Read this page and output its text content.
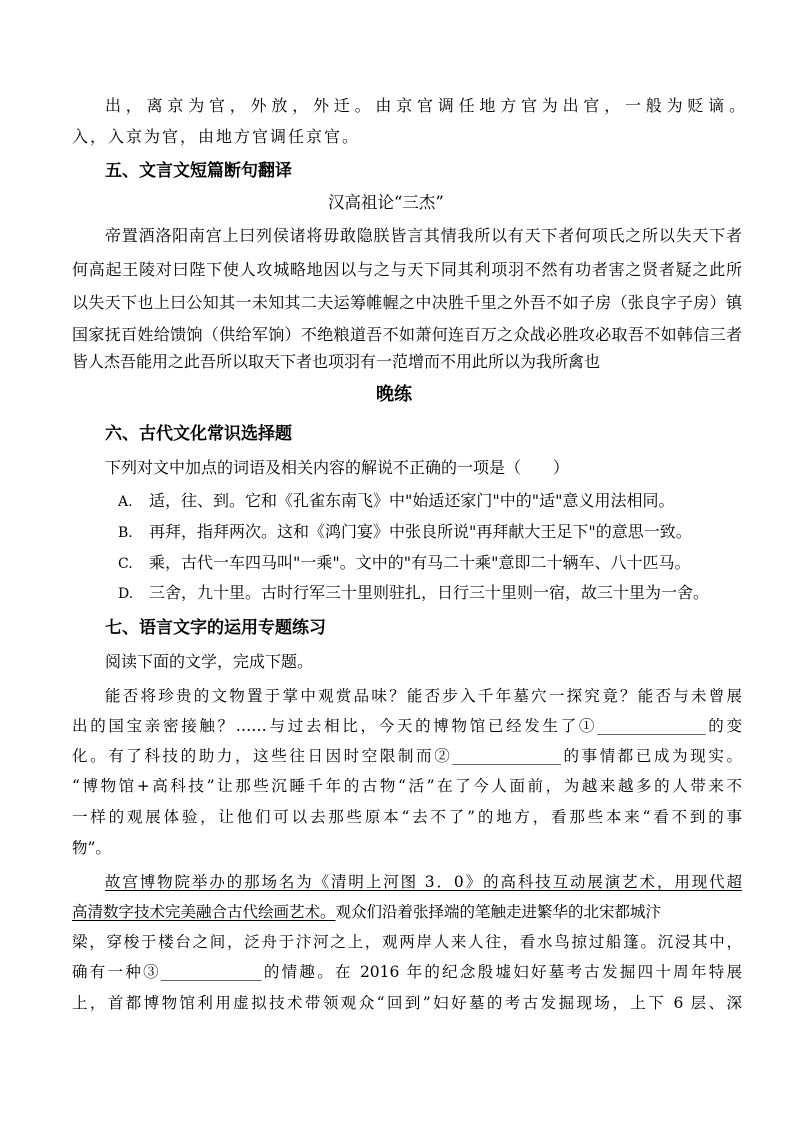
出，离京为官，外放，外迁。由京官调任地方官为出官，一般为贬谪。
入，入京为官，由地方官调任京官。
五、文言文短篇断句翻译
汉高祖论“三杰”
帝置酒洛阳南宫上曰列侯诸将毋敢隐朕皆言其情我所以有天下者何项氏之所以失天下者
何高起王陵对曰陛下使人攻城略地因以与之与天下同其利项羽不然有功者害之贤者疑之此所
以失天下也上曰公知其一未知其二夫运筹帷幄之中决胜千里之外吾不如子房（张良字子房）镇
国家抚百姓给馈饷（供给军饷）不绝粮道吾不如萧何连百万之众战必胜攻必取吾不如韩信三者
皆人杰吾能用之此吾所以取天下者也项羽有一范增而不用此所以为我所禽也
晚练
六、古代文化常识选择题
下列对文中加点的词语及相关内容的解说不正确的一项是（　　）
A. 适，往、到。它和《孔雀东南飞》中"始适还家门"中的"适"意义用法相同。
B. 再拜，指拜两次。这和《鸿门宴》中张良所说"再拜献大王足下"的意思一致。
C. 乘，古代一车四马叫"一乘"。文中的"有马二十乘"意即二十辆车、八十匹马。
D. 三舍，九十里。古时行军三十里则驻扎，日行三十里则一宿，故三十里为一舍。
七、语言文字的运用专题练习
阅读下面的文学，完成下题。
能否将珍贵的文物置于掌中观赏品味？能否步入千年墓穴一探究竟？能否与未曾展
出的国宝亲密接触？……与过去相比，今天的博物馆已经发生了①______________的变
化。有了科技的助力，这些往日因时空限制而②______________的事情都已成为现实。
“博物馆+高科技”让那些沉睡千年的古物“活”在了今人面前，为越来越多的人带来不
一样的观展体验，让他们可以去那些原本“去不了”的地方，看那些本来“看不到的事
物”。
故宫博物院举办的那场名为《清明上河图 3．0》的高科技互动展演艺术，用现代超
高清数字技术完美融合古代绘画艺术。观众们沿着张择端的笔触走进繁华的北宋都城汴
梁，穿梭于楼台之间，泛舟于汴河之上，观两岸人来人往，看水鸟掠过船篷。沉浸其中，
确有一种③_____________的情趣。在 2016 年的纪念殷墟妇好墓考古发掘四十周年特展
上，首都博物馆利用虚拟技术带领观众“回到”妇好墓的考古发掘现场，上下 6 层、深
